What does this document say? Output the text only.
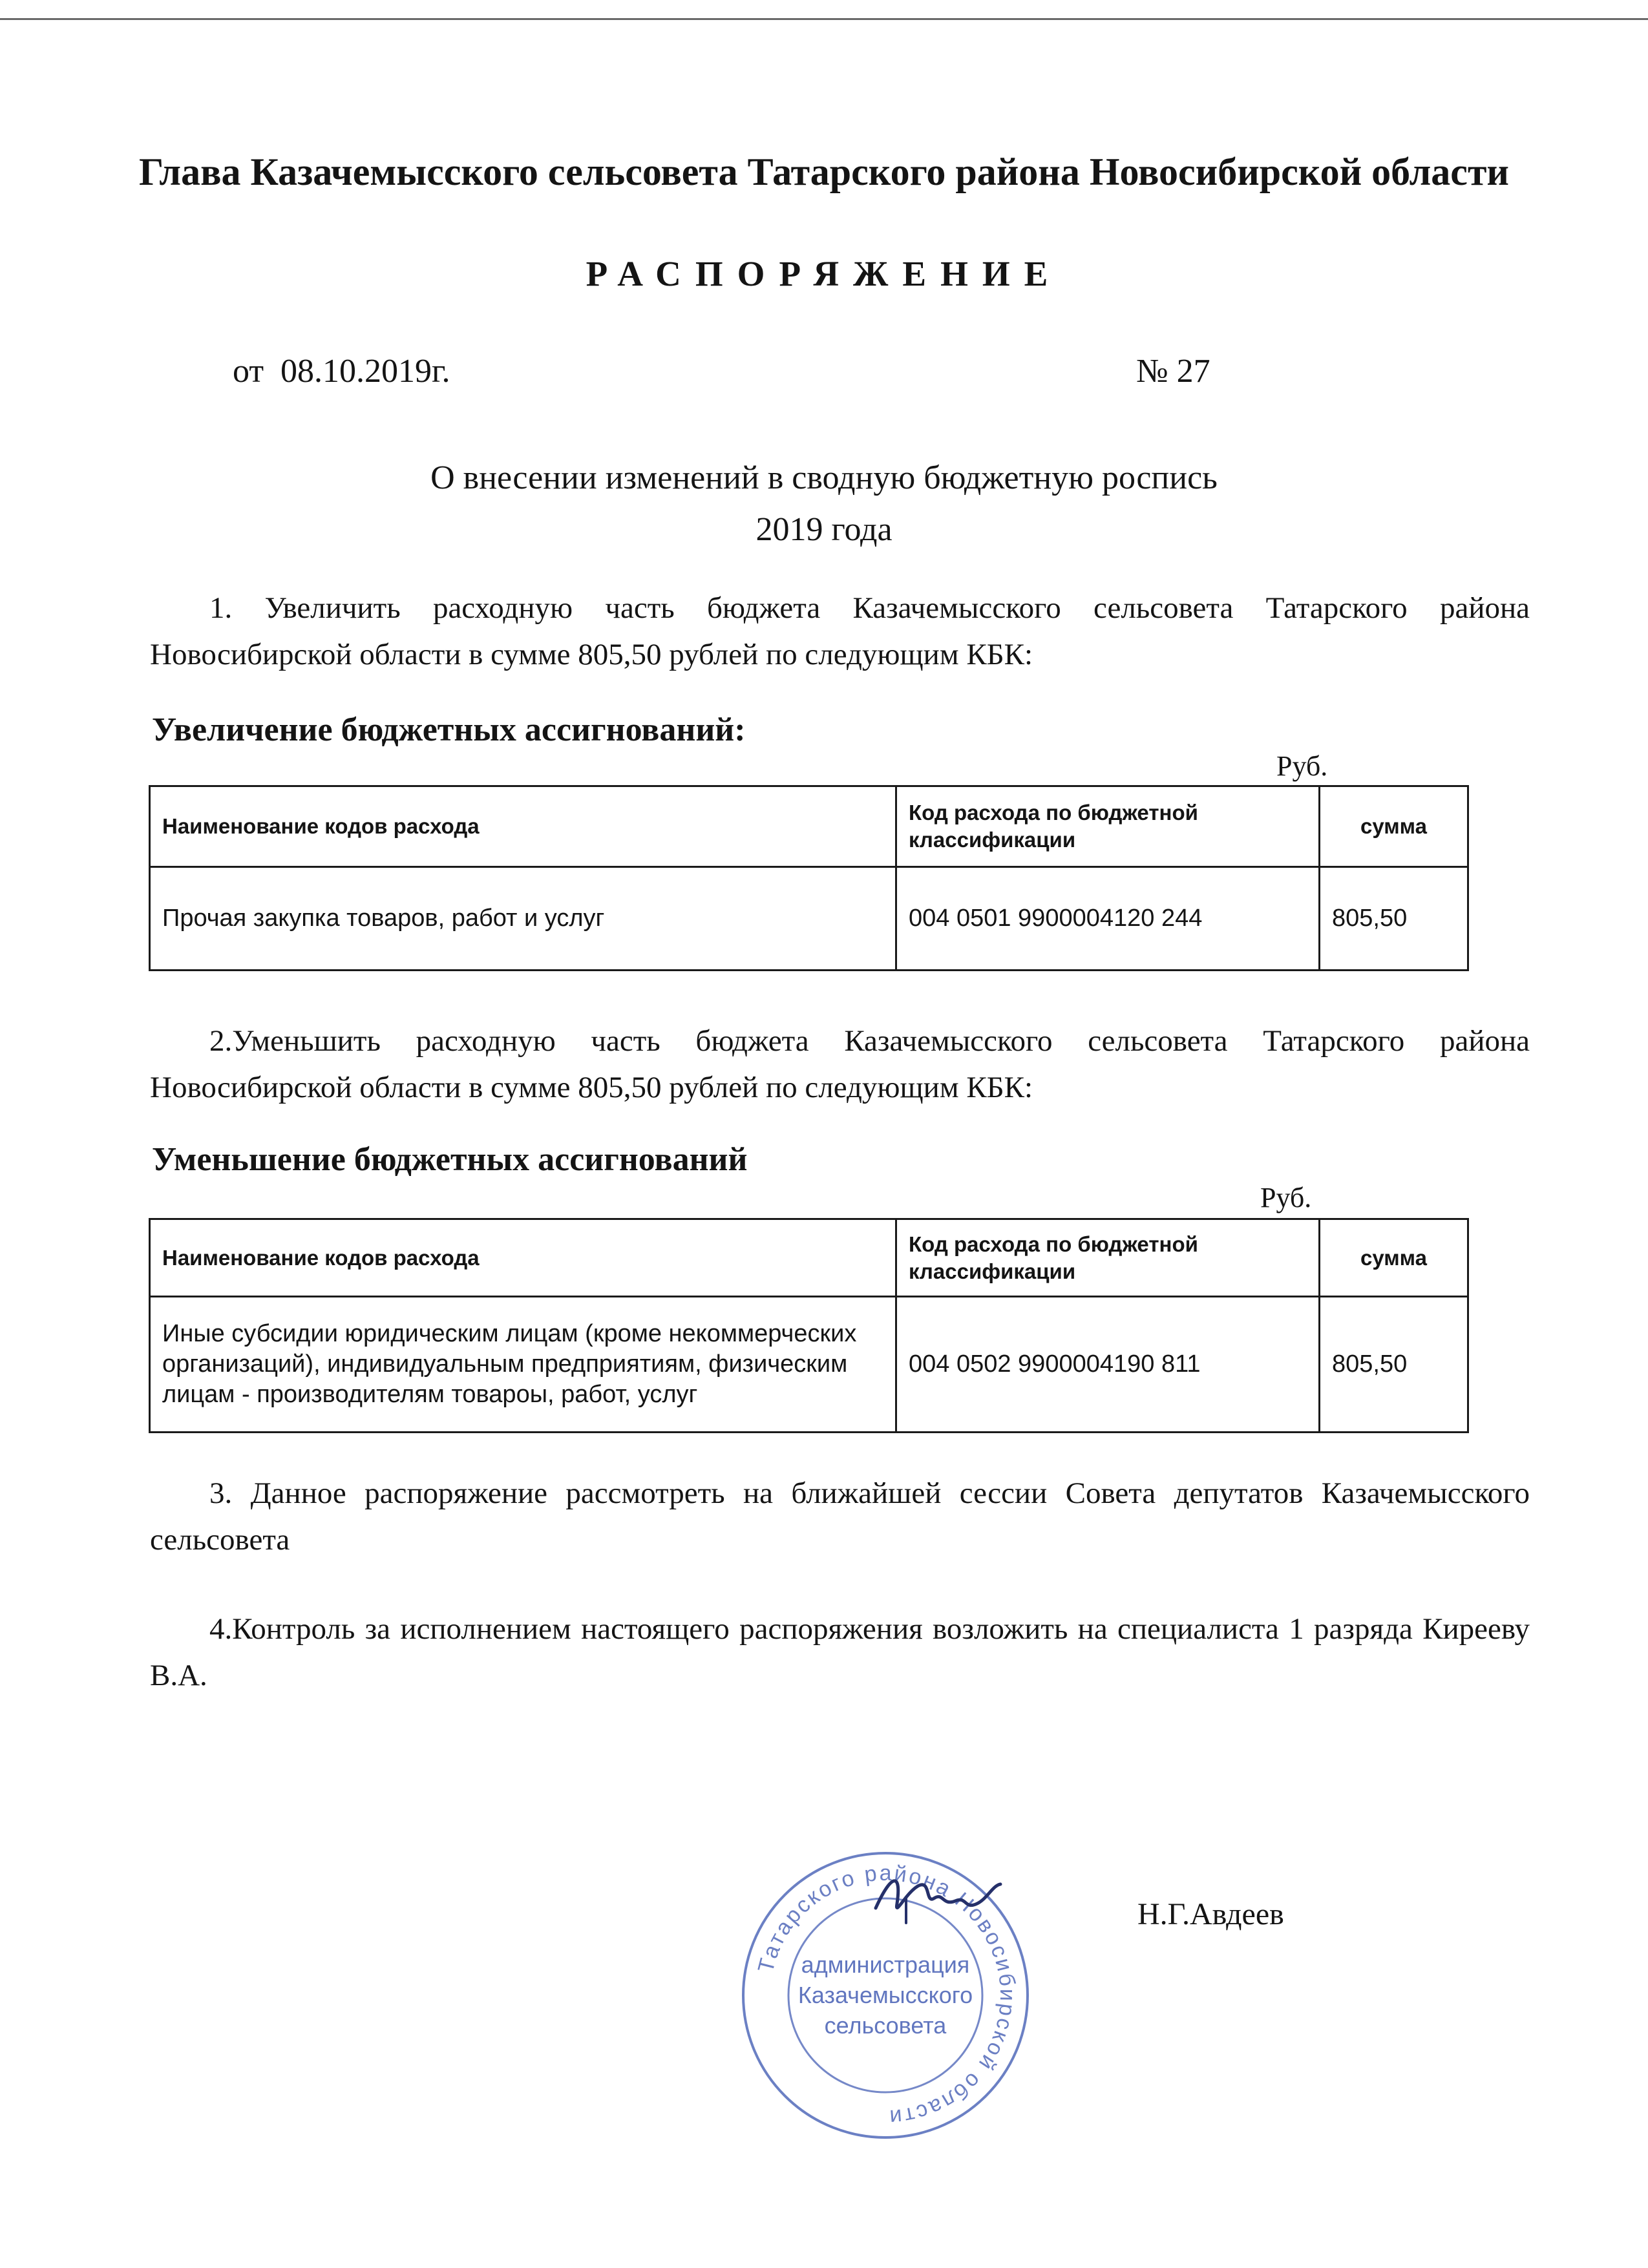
Глава Казачемысского сельсовета Татарского района Новосибирской области
РАСПОРЯЖЕНИЕ
от 08.10.2019г.	№ 27
О внесении изменений в сводную бюджетную роспись
2019 года
1. Увеличить расходную часть бюджета Казачемысского сельсовета Татарского района Новосибирской области в сумме 805,50 рублей по следующим КБК:
Увеличение бюджетных ассигнований:
Руб.
Наименование кодов расхода	Код расхода по бюджетной классификации	сумма
Прочая закупка товаров, работ и услуг	004 0501 9900004120 244	805,50
2.Уменьшить расходную часть бюджета Казачемысского сельсовета Татарского района Новосибирской области в сумме 805,50 рублей по следующим КБК:
Уменьшение бюджетных ассигнований
Руб.
Наименование кодов расхода	Код расхода по бюджетной классификации	сумма
Иные субсидии юридическим лицам (кроме некоммерческих организаций), индивидуальным предприятиям, физическим лицам - производителям товароы, работ, услуг	004 0502 9900004190 811	805,50
3. Данное распоряжение рассмотреть на ближайшей сессии Совета депутатов Казачемысского сельсовета
4.Контроль за исполнением настоящего распоряжения возложить на специалиста 1 разряда Кирееву В.А.
Татарского района Новосибирской области
администрация
Казачемысского
сельсовета
Н.Г.Авдеев
